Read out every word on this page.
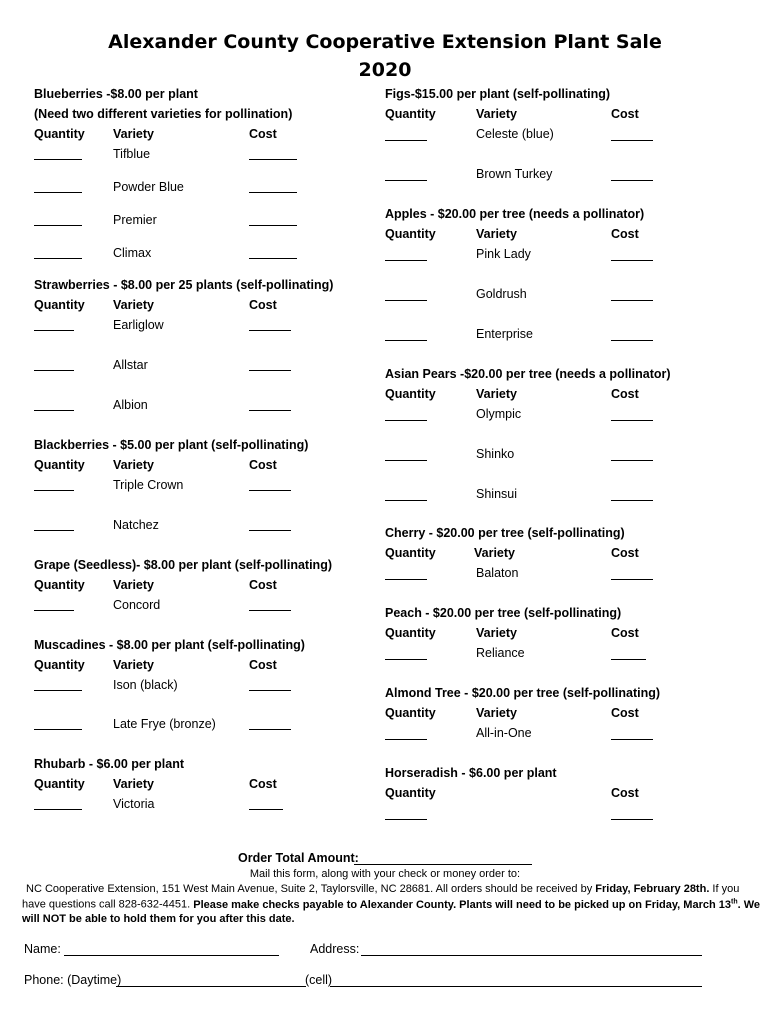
Alexander County Cooperative Extension Plant Sale
2020
Blueberries -$8.00 per plant
(Need two different varieties for pollination)
Quantity Variety	Cost
Tifblue
Powder Blue
Premier
Climax
Strawberries - $8.00 per 25 plants (self-pollinating)
Quantity Variety	Cost
Earliglow
Allstar
Albion
Blackberries - $5.00 per plant (self-pollinating)
Quantity Variety	Cost
Triple Crown
Natchez
Grape (Seedless)- $8.00 per plant (self-pollinating)
Quantity Variety	Cost
Concord
Muscadines - $8.00 per plant (self-pollinating)
Quantity Variety	Cost
Ison (black)
Late Frye (bronze)
Rhubarb - $6.00 per plant
Quantity Variety	Cost
Victoria
Figs-$15.00 per plant (self-pollinating)
Quantity	Variety	Cost
Celeste (blue)
Brown Turkey
Apples - $20.00 per tree (needs a pollinator)
Quantity	Variety	Cost
Pink Lady
Goldrush
Enterprise
Asian Pears -$20.00 per tree (needs a pollinator)
Quantity	Variety	Cost
Olympic
Shinko
Shinsui
Cherry - $20.00 per tree (self-pollinating)
Quantity	Variety	Cost
Balaton
Peach - $20.00 per tree (self-pollinating)
Quantity	Variety	Cost
Reliance
Almond Tree - $20.00 per tree (self-pollinating)
Quantity	Variety	Cost
All-in-One
Horseradish - $6.00 per plant
Quantity	Cost
Order Total Amount:
Mail this form, along with your check or money order to:
NC Cooperative Extension, 151 West Main Avenue, Suite 2, Taylorsville, NC 28681. All orders should be received by Friday, February 28th. If you
have questions call 828-632-4451. Please make checks payable to Alexander County. Plants will need to be picked up on Friday, March 13th. We
will NOT be able to hold them for you after this date.
Name:	Address:
Phone: (Daytime)	(cell)
